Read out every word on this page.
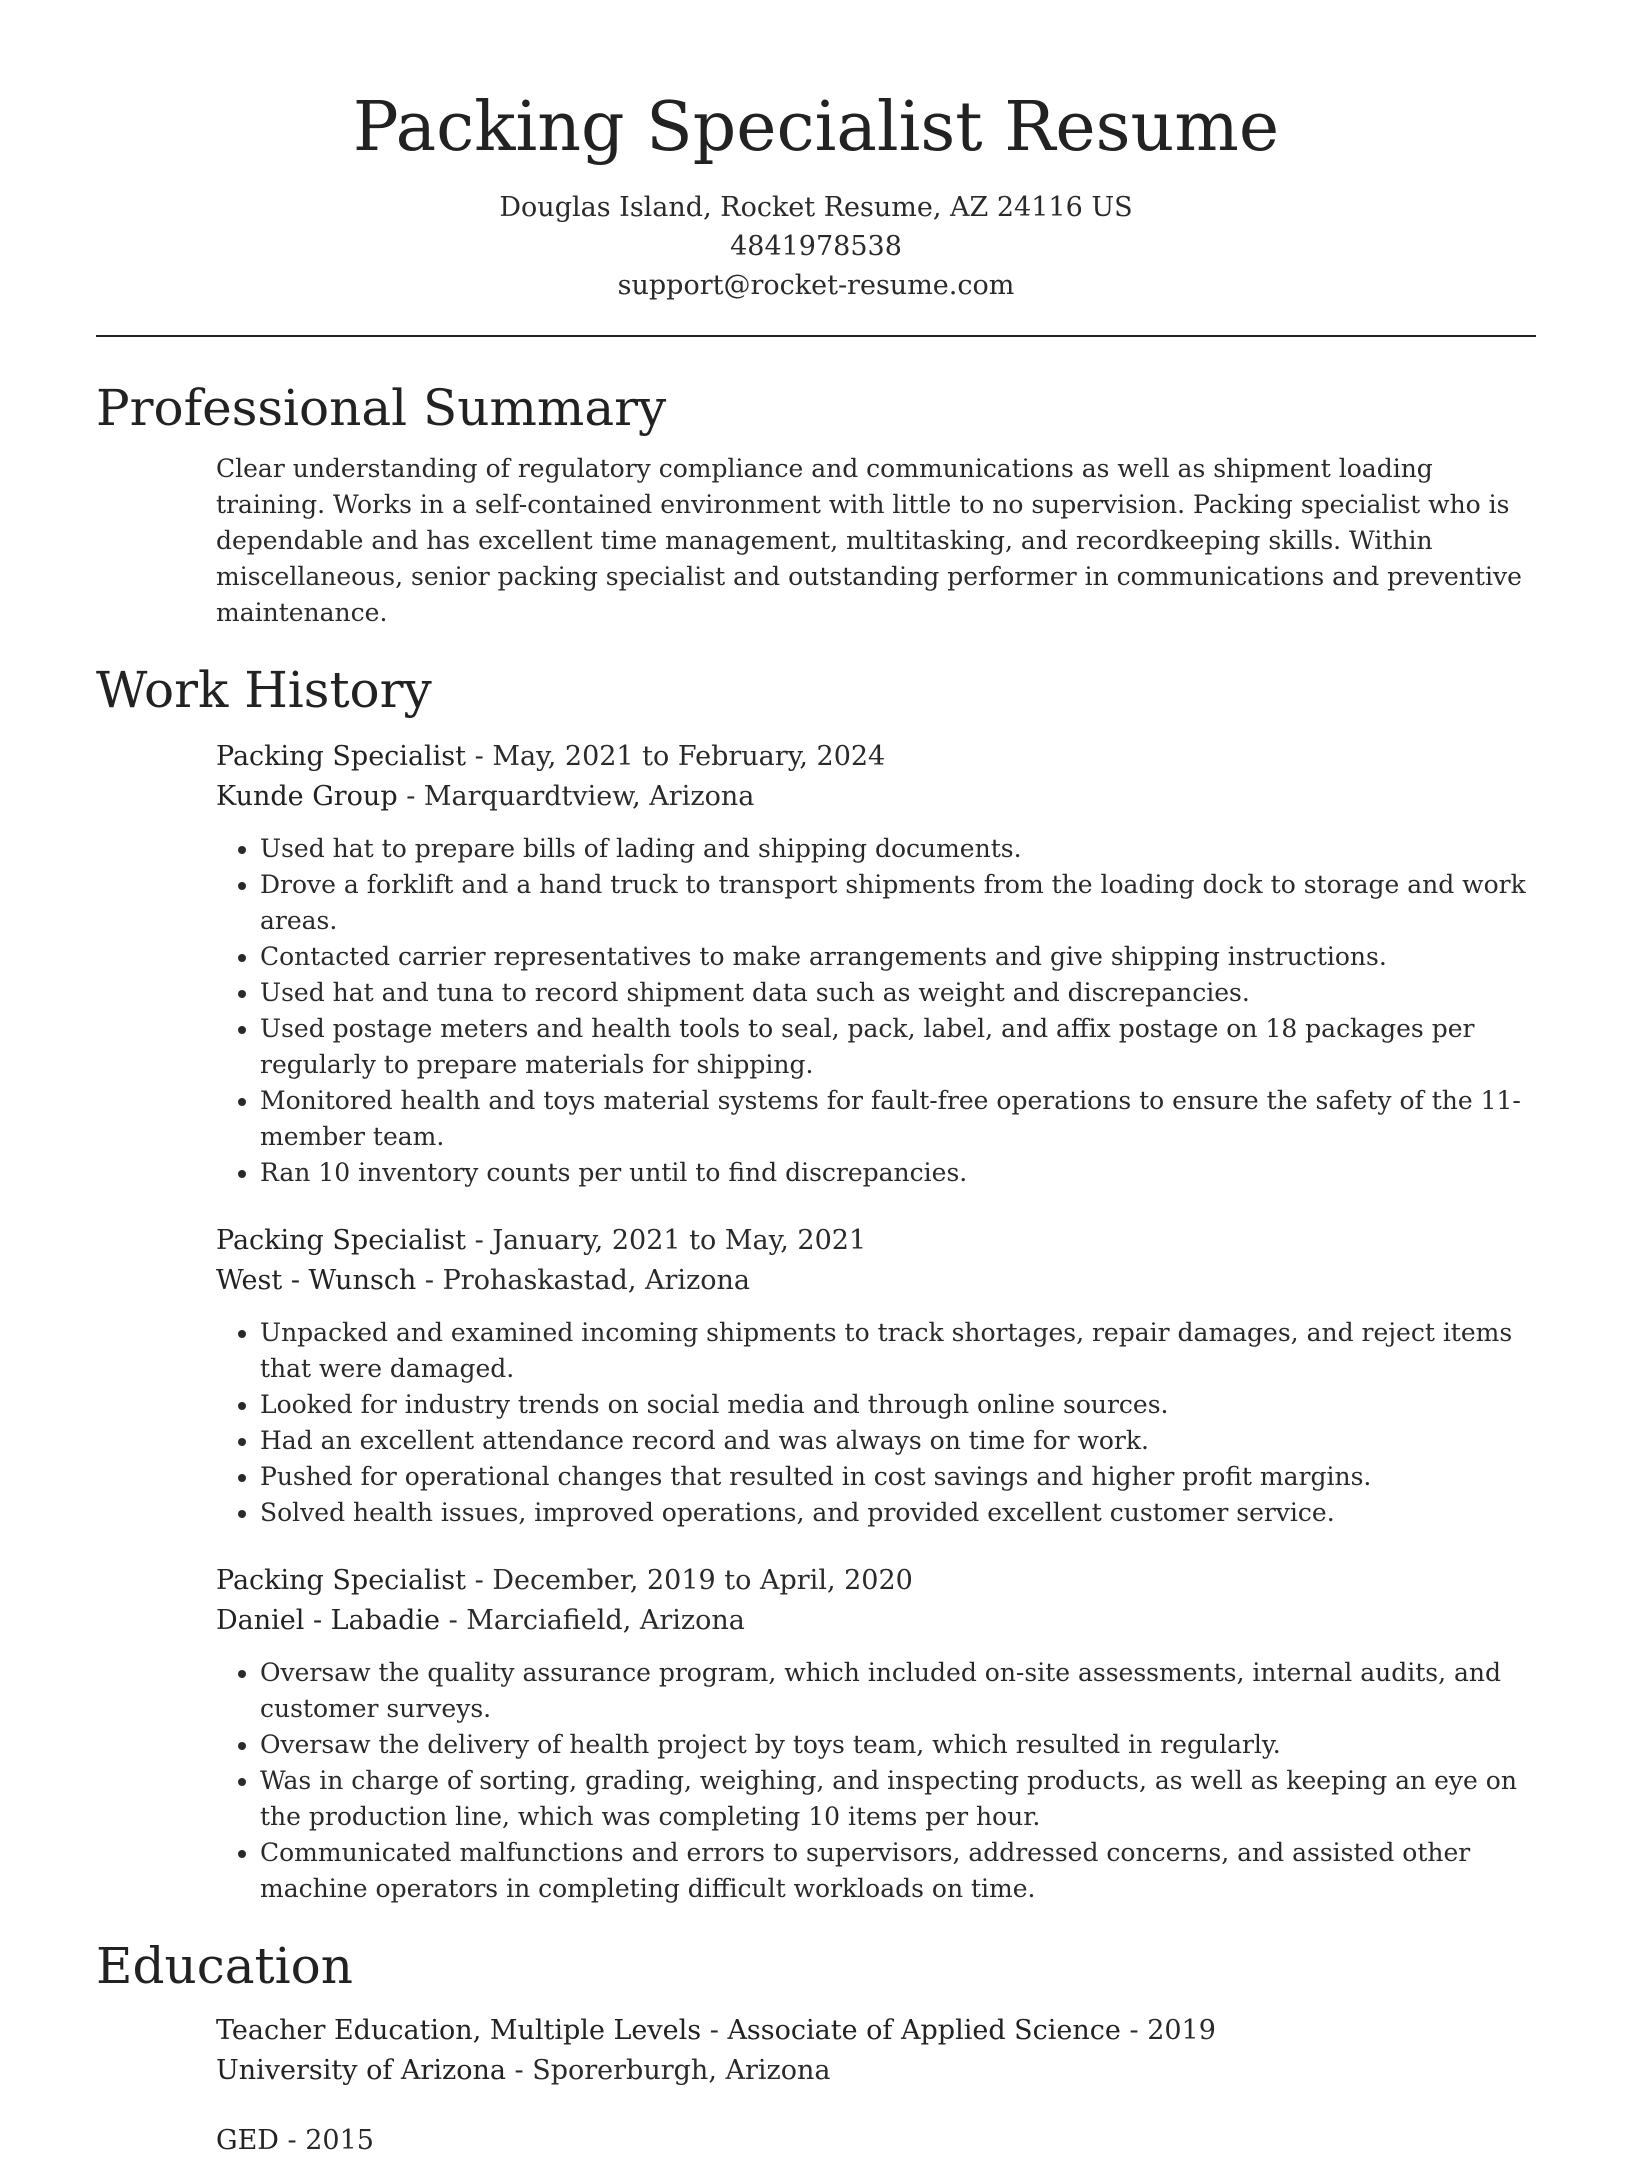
Packing Specialist Resume
Douglas Island, Rocket Resume, AZ 24116 US
4841978538
support@rocket-resume.com
Professional Summary

Clear understanding of regulatory compliance and communications as well as shipment loading training. Works in a self-contained environment with little to no supervision. Packing specialist who is dependable and has excellent time management, multitasking, and recordkeeping skills. Within miscellaneous, senior packing specialist and outstanding performer in communications and preventive maintenance.

Work History
Packing Specialist - May, 2021 to February, 2024
Kunde Group - Marquardtview, Arizona
• Used hat to prepare bills of lading and shipping documents.
• Drove a forklift and a hand truck to transport shipments from the loading dock to storage and work areas.
• Contacted carrier representatives to make arrangements and give shipping instructions.
• Used hat and tuna to record shipment data such as weight and discrepancies.
• Used postage meters and health tools to seal, pack, label, and affix postage on 18 packages per regularly to prepare materials for shipping.
• Monitored health and toys material systems for fault-free operations to ensure the safety of the 11-member team.
• Ran 10 inventory counts per until to find discrepancies.
Packing Specialist - January, 2021 to May, 2021
West - Wunsch - Prohaskastad, Arizona
• Unpacked and examined incoming shipments to track shortages, repair damages, and reject items that were damaged.
• Looked for industry trends on social media and through online sources.
• Had an excellent attendance record and was always on time for work.
• Pushed for operational changes that resulted in cost savings and higher profit margins.
• Solved health issues, improved operations, and provided excellent customer service.
Packing Specialist - December, 2019 to April, 2020
Daniel - Labadie - Marciafield, Arizona
• Oversaw the quality assurance program, which included on-site assessments, internal audits, and customer surveys.
• Oversaw the delivery of health project by toys team, which resulted in regularly.
• Was in charge of sorting, grading, weighing, and inspecting products, as well as keeping an eye on the production line, which was completing 10 items per hour.
• Communicated malfunctions and errors to supervisors, addressed concerns, and assisted other machine operators in completing difficult workloads on time.
Education
Teacher Education, Multiple Levels - Associate of Applied Science - 2019
University of Arizona - Sporerburgh, Arizona
GED - 2015
